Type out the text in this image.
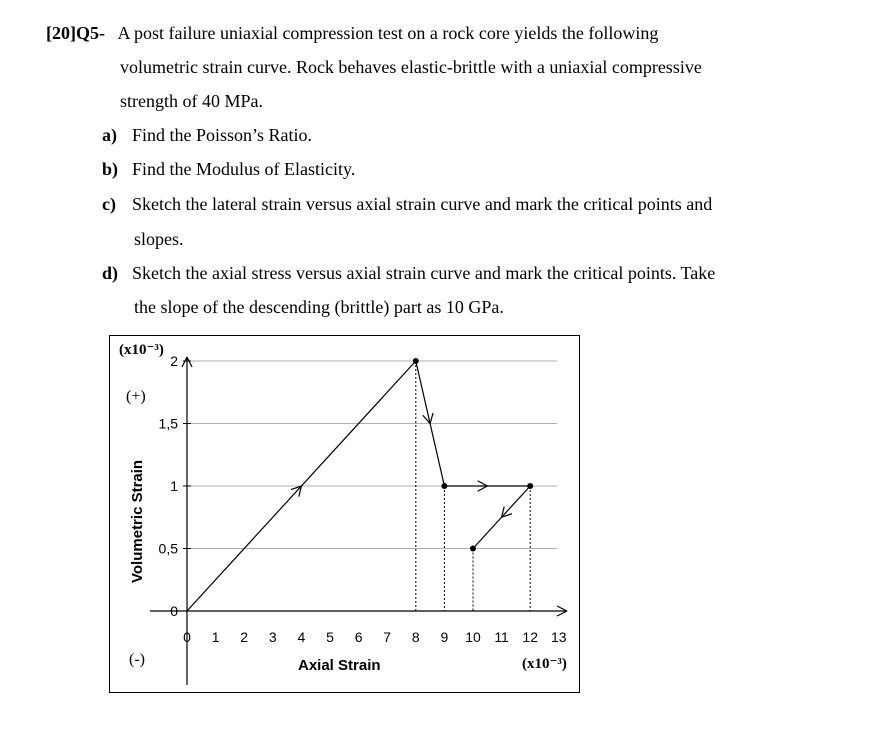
[20]Q5- A post failure uniaxial compression test on a rock core yields the following
volumetric strain curve. Rock behaves elastic-brittle with a uniaxial compressive
strength of 40 MPa.
a) Find the Poisson’s Ratio.
b) Find the Modulus of Elasticity.
c) Sketch the lateral strain versus axial strain curve and mark the critical points and
slopes.
d) Sketch the axial stress versus axial strain curve and mark the critical points. Take
the slope of the descending (brittle) part as 10 GPa.
0 1 2 3 4 5 6 7 8 9 10 11 12 13
0
0,5
1
1,5
2
(x10⁻³)
(x10⁻³)
(+)
(-)	Axial Strain
Volumetric Strain
